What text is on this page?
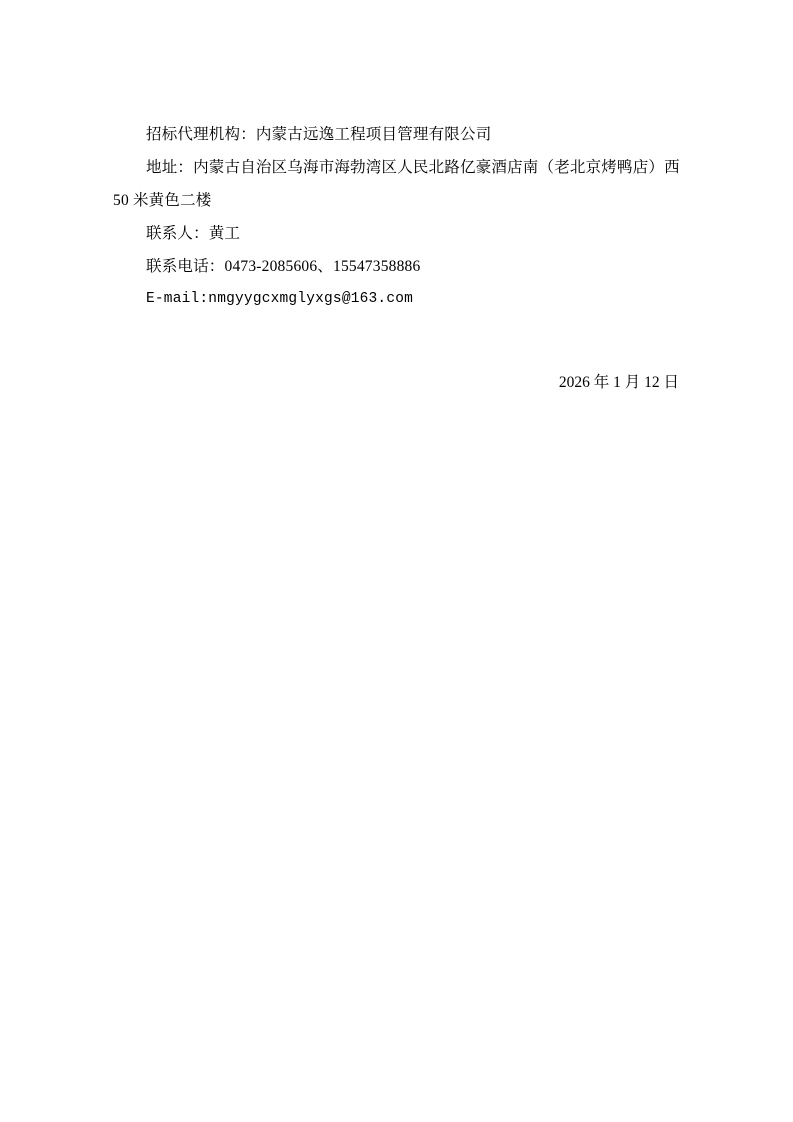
招标代理机构：内蒙古远逸工程项目管理有限公司
地址：内蒙古自治区乌海市海勃湾区人民北路亿豪酒店南（老北京烤鸭店）西 50 米黄色二楼
联系人：黄工
联系电话：0473-2085606、15547358886
E-mail:nmgyygcxmglyxgs@163.com
2026 年 1 月 12 日
